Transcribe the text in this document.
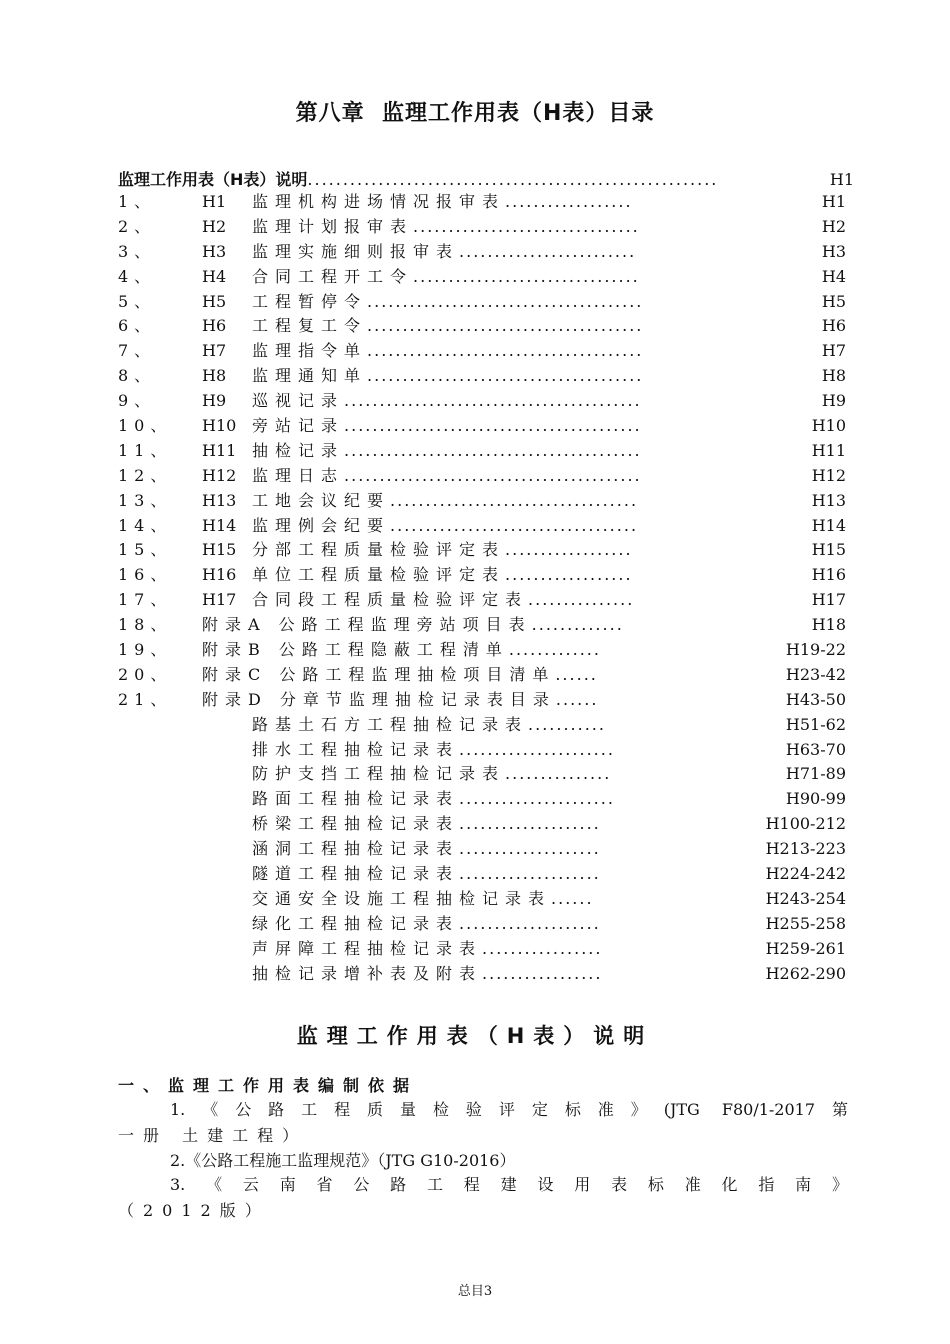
第八章  监理工作用表（H表）目录
监理工作用表（H表）说明 ..........................................................	H1
1、	H1 监理机构进场情况报审表..................	H1
2、	H2 监理计划报审表................................	H2
3、	H3 监理实施细则报审表.........................	H3
4、	H4 合同工程开工令................................	H4
5、	H5 工程暂停令.......................................	H5
6、	H6 工程复工令.......................................	H6
7、	H7 监理指令单.......................................	H7
8、	H8 监理通知单.......................................	H8
9、	H9 巡视记录..........................................	H9
10、 H10 旁站记录..........................................	H10
11、 H11 抽检记录..........................................	H11
12、 H12 监理日志..........................................	H12
13、 H13 工地会议纪要...................................	H13
14、 H14 监理例会纪要...................................	H14
15、 H15 分部工程质量检验评定表..................	H15
16、 H16 单位工程质量检验评定表..................	H16
17、 H17 合同段工程质量检验评定表...............	H17
18、 附录A 公路工程监理旁站项目表.............	H18
19、 附录B 公路工程隐蔽工程清单.............	H19-22
20、 附录C 公路工程监理抽检项目清单......	H23-42
21、 附录D 分章节监理抽检记录表目录......	H43-50
路基土石方工程抽检记录表...........	H51-62
排水工程抽检记录表......................	H63-70
防护支挡工程抽检记录表...............	H71-89
路面工程抽检记录表......................	H90-99
桥梁工程抽检记录表....................	H100-212
涵洞工程抽检记录表....................	H213-223
隧道工程抽检记录表....................	H224-242
交通安全设施工程抽检记录表......	H243-254
绿化工程抽检记录表....................	H255-258
声屏障工程抽检记录表.................	H259-261
抽检记录增补表及附表.................	H262-290
监理工作用表（H表）说明
一、监理工作用表编制依据
1.《公路工程质量检验评定标准》(JTG F80/1-2017第
一册 土建工程）
2.《公路工程施工监理规范》（JTG G10-2016）
3.《云南省公路工程建设用表标准化指南》
（2012版）
总目3
